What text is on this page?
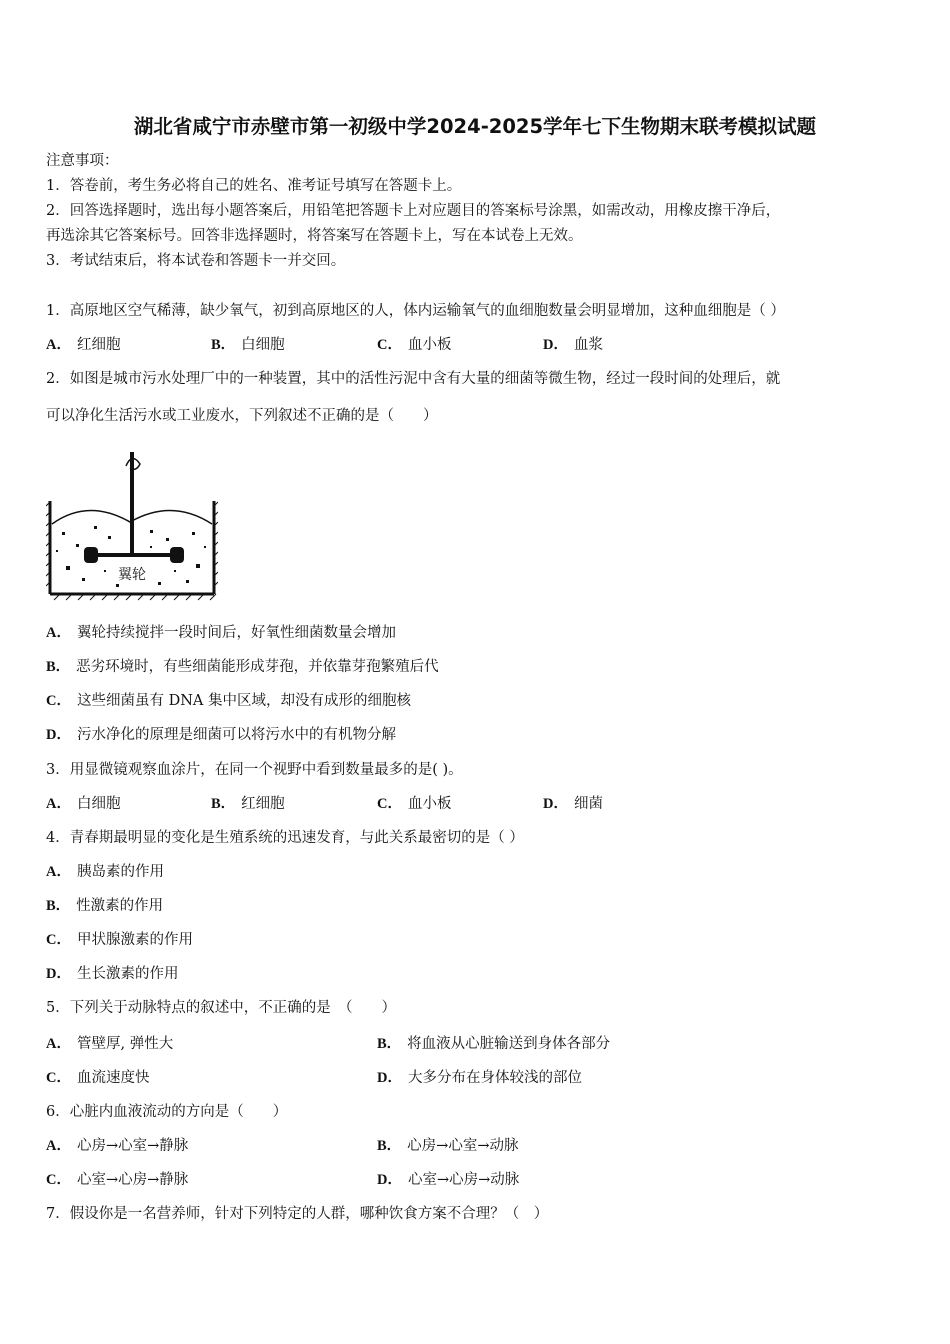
湖北省咸宁市赤壁市第一初级中学2024-2025学年七下生物期末联考模拟试题
注意事项：
1．答卷前，考生务必将自己的姓名、准考证号填写在答题卡上。
2．回答选择题时，选出每小题答案后，用铅笔把答题卡上对应题目的答案标号涂黑，如需改动，用橡皮擦干净后，
再选涂其它答案标号。回答非选择题时，将答案写在答题卡上，写在本试卷上无效。
3．考试结束后，将本试卷和答题卡一并交回。
1．高原地区空气稀薄，缺少氧气，初到高原地区的人，体内运输氧气的血细胞数量会明显增加，这种血细胞是（ ）
A． 红细胞	B． 白细胞	C． 血小板	D． 血浆
2．如图是城市污水处理厂中的一种装置，其中的活性污泥中含有大量的细菌等微生物，经过一段时间的处理后，就
可以净化生活污水或工业废水，下列叙述不正确的是（　　）
翼轮
A． 翼轮持续搅拌一段时间后，好氧性细菌数量会增加
B． 恶劣环境时，有些细菌能形成芽孢，并依靠芽孢繁殖后代
C． 这些细菌虽有 DNA 集中区域，却没有成形的细胞核
D． 污水净化的原理是细菌可以将污水中的有机物分解
3．用显微镜观察血涂片，在同一个视野中看到数量最多的是( )。
A． 白细胞	B． 红细胞	C． 血小板	D． 细菌
4．青春期最明显的变化是生殖系统的迅速发育，与此关系最密切的是（ ）
A． 胰岛素的作用
B． 性激素的作用
C． 甲状腺激素的作用
D． 生长激素的作用
5．下列关于动脉特点的叙述中，不正确的是　（　　）
A． 管壁厚, 弹性大	B． 将血液从心脏输送到身体各部分
C． 血流速度快	D． 大多分布在身体较浅的部位
6．心脏内血液流动的方向是（　　）
A． 心房→心室→静脉	B． 心房→心室→动脉
C． 心室→心房→静脉	D． 心室→心房→动脉
7．假设你是一名营养师，针对下列特定的人群，哪种饮食方案不合理？（　）
